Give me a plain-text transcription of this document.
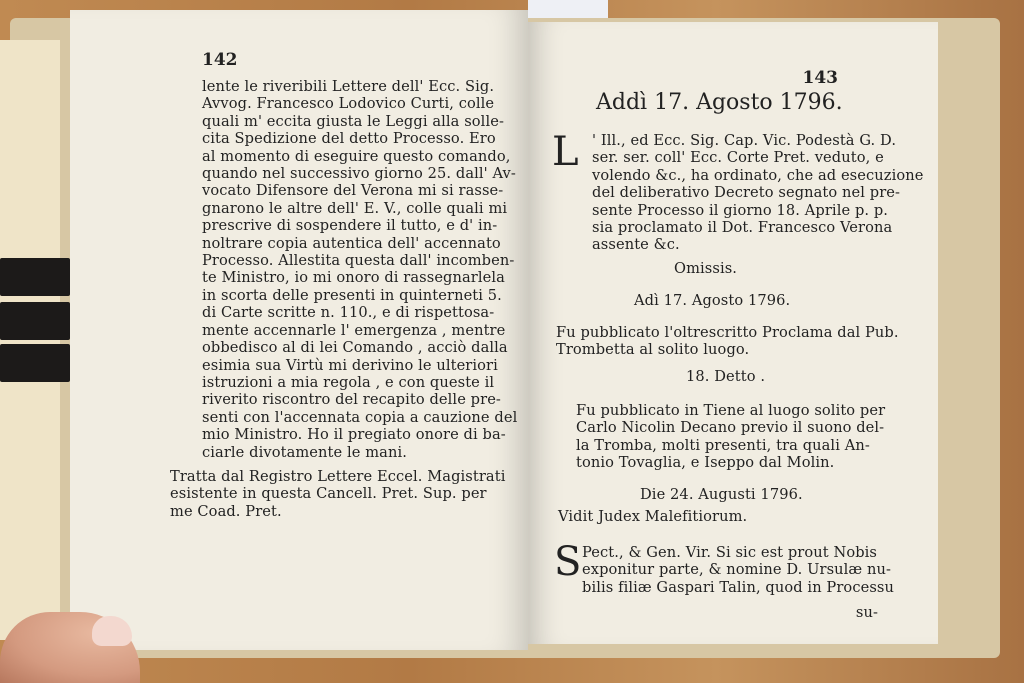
142
lente le riveribili Lettere dell' Ecc. Sig.
Avvog. Francesco Lodovico Curti, colle
quali m' eccita giusta le Leggi alla solle-
cita Spedizione del detto Processo. Ero
al momento di eseguire questo comando,
quando nel successivo giorno 25. dall' Av-
vocato Difensore del Verona mi si rasse-
gnarono le altre dell' E. V., colle quali mi
prescrive di sospendere il tutto, e d' in-
noltrare copia autentica dell' accennato
Processo. Allestita questa dall' incomben-
te Ministro, io mi onoro di rassegnarlela
in scorta delle presenti in quinterneti 5.
di Carte scritte n. 110., e di rispettosa-
mente accennarle l' emergenza , mentre
obbedisco al di lei Comando , acciò dalla
esimia sua Virtù mi derivino le ulteriori
istruzioni a mia regola , e con queste il
riverito riscontro del recapito delle pre-
senti con l'accennata copia a cauzione del
mio Ministro. Ho il pregiato onore di ba-
ciarle divotamente le mani.
Tratta dal Registro Lettere Eccel. Magistrati
esistente in questa Cancell. Pret. Sup. per
me Coad. Pret.
143
Addì 17. Agosto 1796.
L ' Ill., ed Ecc. Sig. Cap. Vic. Podestà G. D.
ser. ser. coll' Ecc. Corte Pret. veduto, e
volendo &c., ha ordinato, che ad esecuzione
del deliberativo Decreto segnato nel pre-
sente Processo il giorno 18. Aprile p. p.
sia proclamato il Dot. Francesco Verona
assente &c.
Omissis.
Adì 17. Agosto 1796.
Fu pubblicato l'oltrescritto Proclama dal Pub.
Trombetta al solito luogo.
18. Detto .
Fu pubblicato in Tiene al luogo solito per
Carlo Nicolin Decano previo il suono del-
la Tromba, molti presenti, tra quali An-
tonio Tovaglia, e Iseppo dal Molin.
Die 24. Augusti 1796.
Vidit Judex Malefitiorum.
S Pect., & Gen. Vir. Si sic est prout Nobis
exponitur parte, & nomine D. Ursulæ nu-
bilis filiæ Gaspari Talin, quod in Processu
su-
